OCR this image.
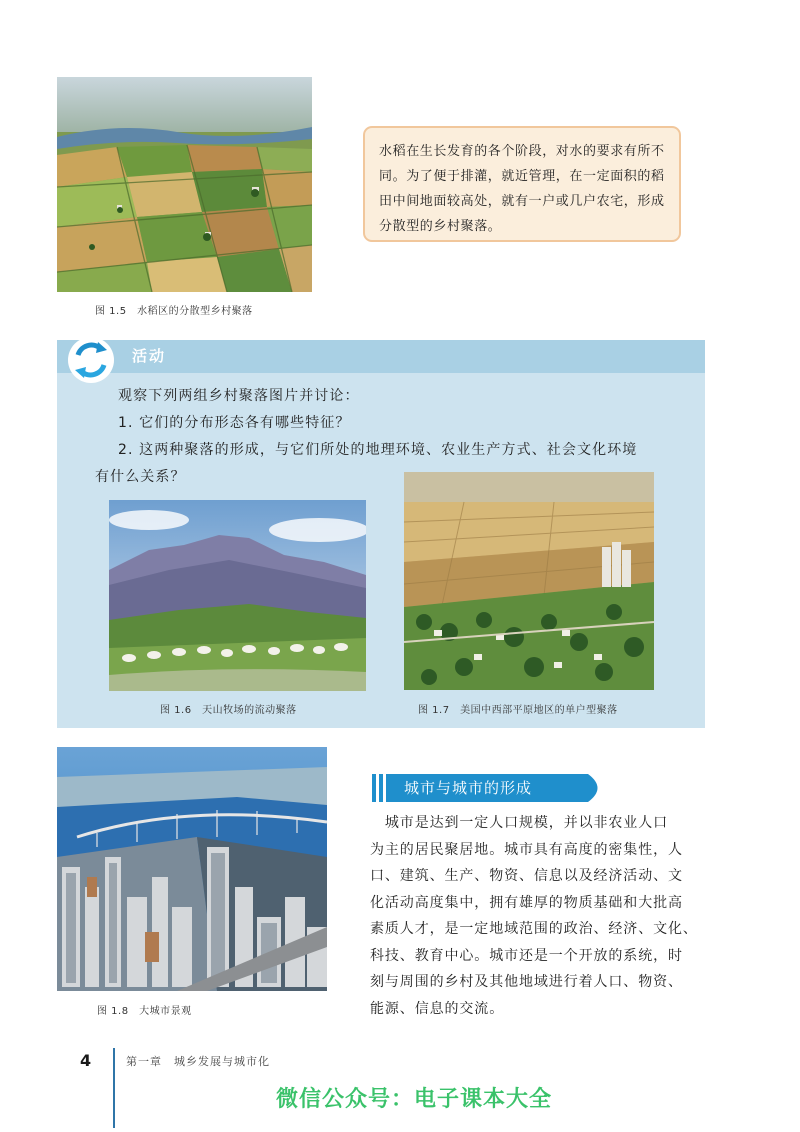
图 1.5　水稻区的分散型乡村聚落
水稻在生长发育的各个阶段，对水的要求有所不
同。为了便于排灌，就近管理，在一定面积的稻
田中间地面较高处，就有一户或几户农宅，形成
分散型的乡村聚落。
活动
观察下列两组乡村聚落图片并讨论：
1. 它们的分布形态各有哪些特征？
2. 这两种聚落的形成，与它们所处的地理环境、农业生产方式、社会文化环境
有什么关系？
图 1.6　天山牧场的流动聚落	图 1.7　美国中西部平原地区的单户型聚落
图 1.8　大城市景观
城市与城市的形成
　城市是达到一定人口规模，并以非农业人口
为主的居民聚居地。城市具有高度的密集性，人
口、建筑、生产、物资、信息以及经济活动、文
化活动高度集中，拥有雄厚的物质基础和大批高
素质人才，是一定地域范围的政治、经济、文化、
科技、教育中心。城市还是一个开放的系统，时
刻与周围的乡村及其他地域进行着人口、物资、
能源、信息的交流。
4	第一章　城乡发展与城市化
微信公众号：电子课本大全
